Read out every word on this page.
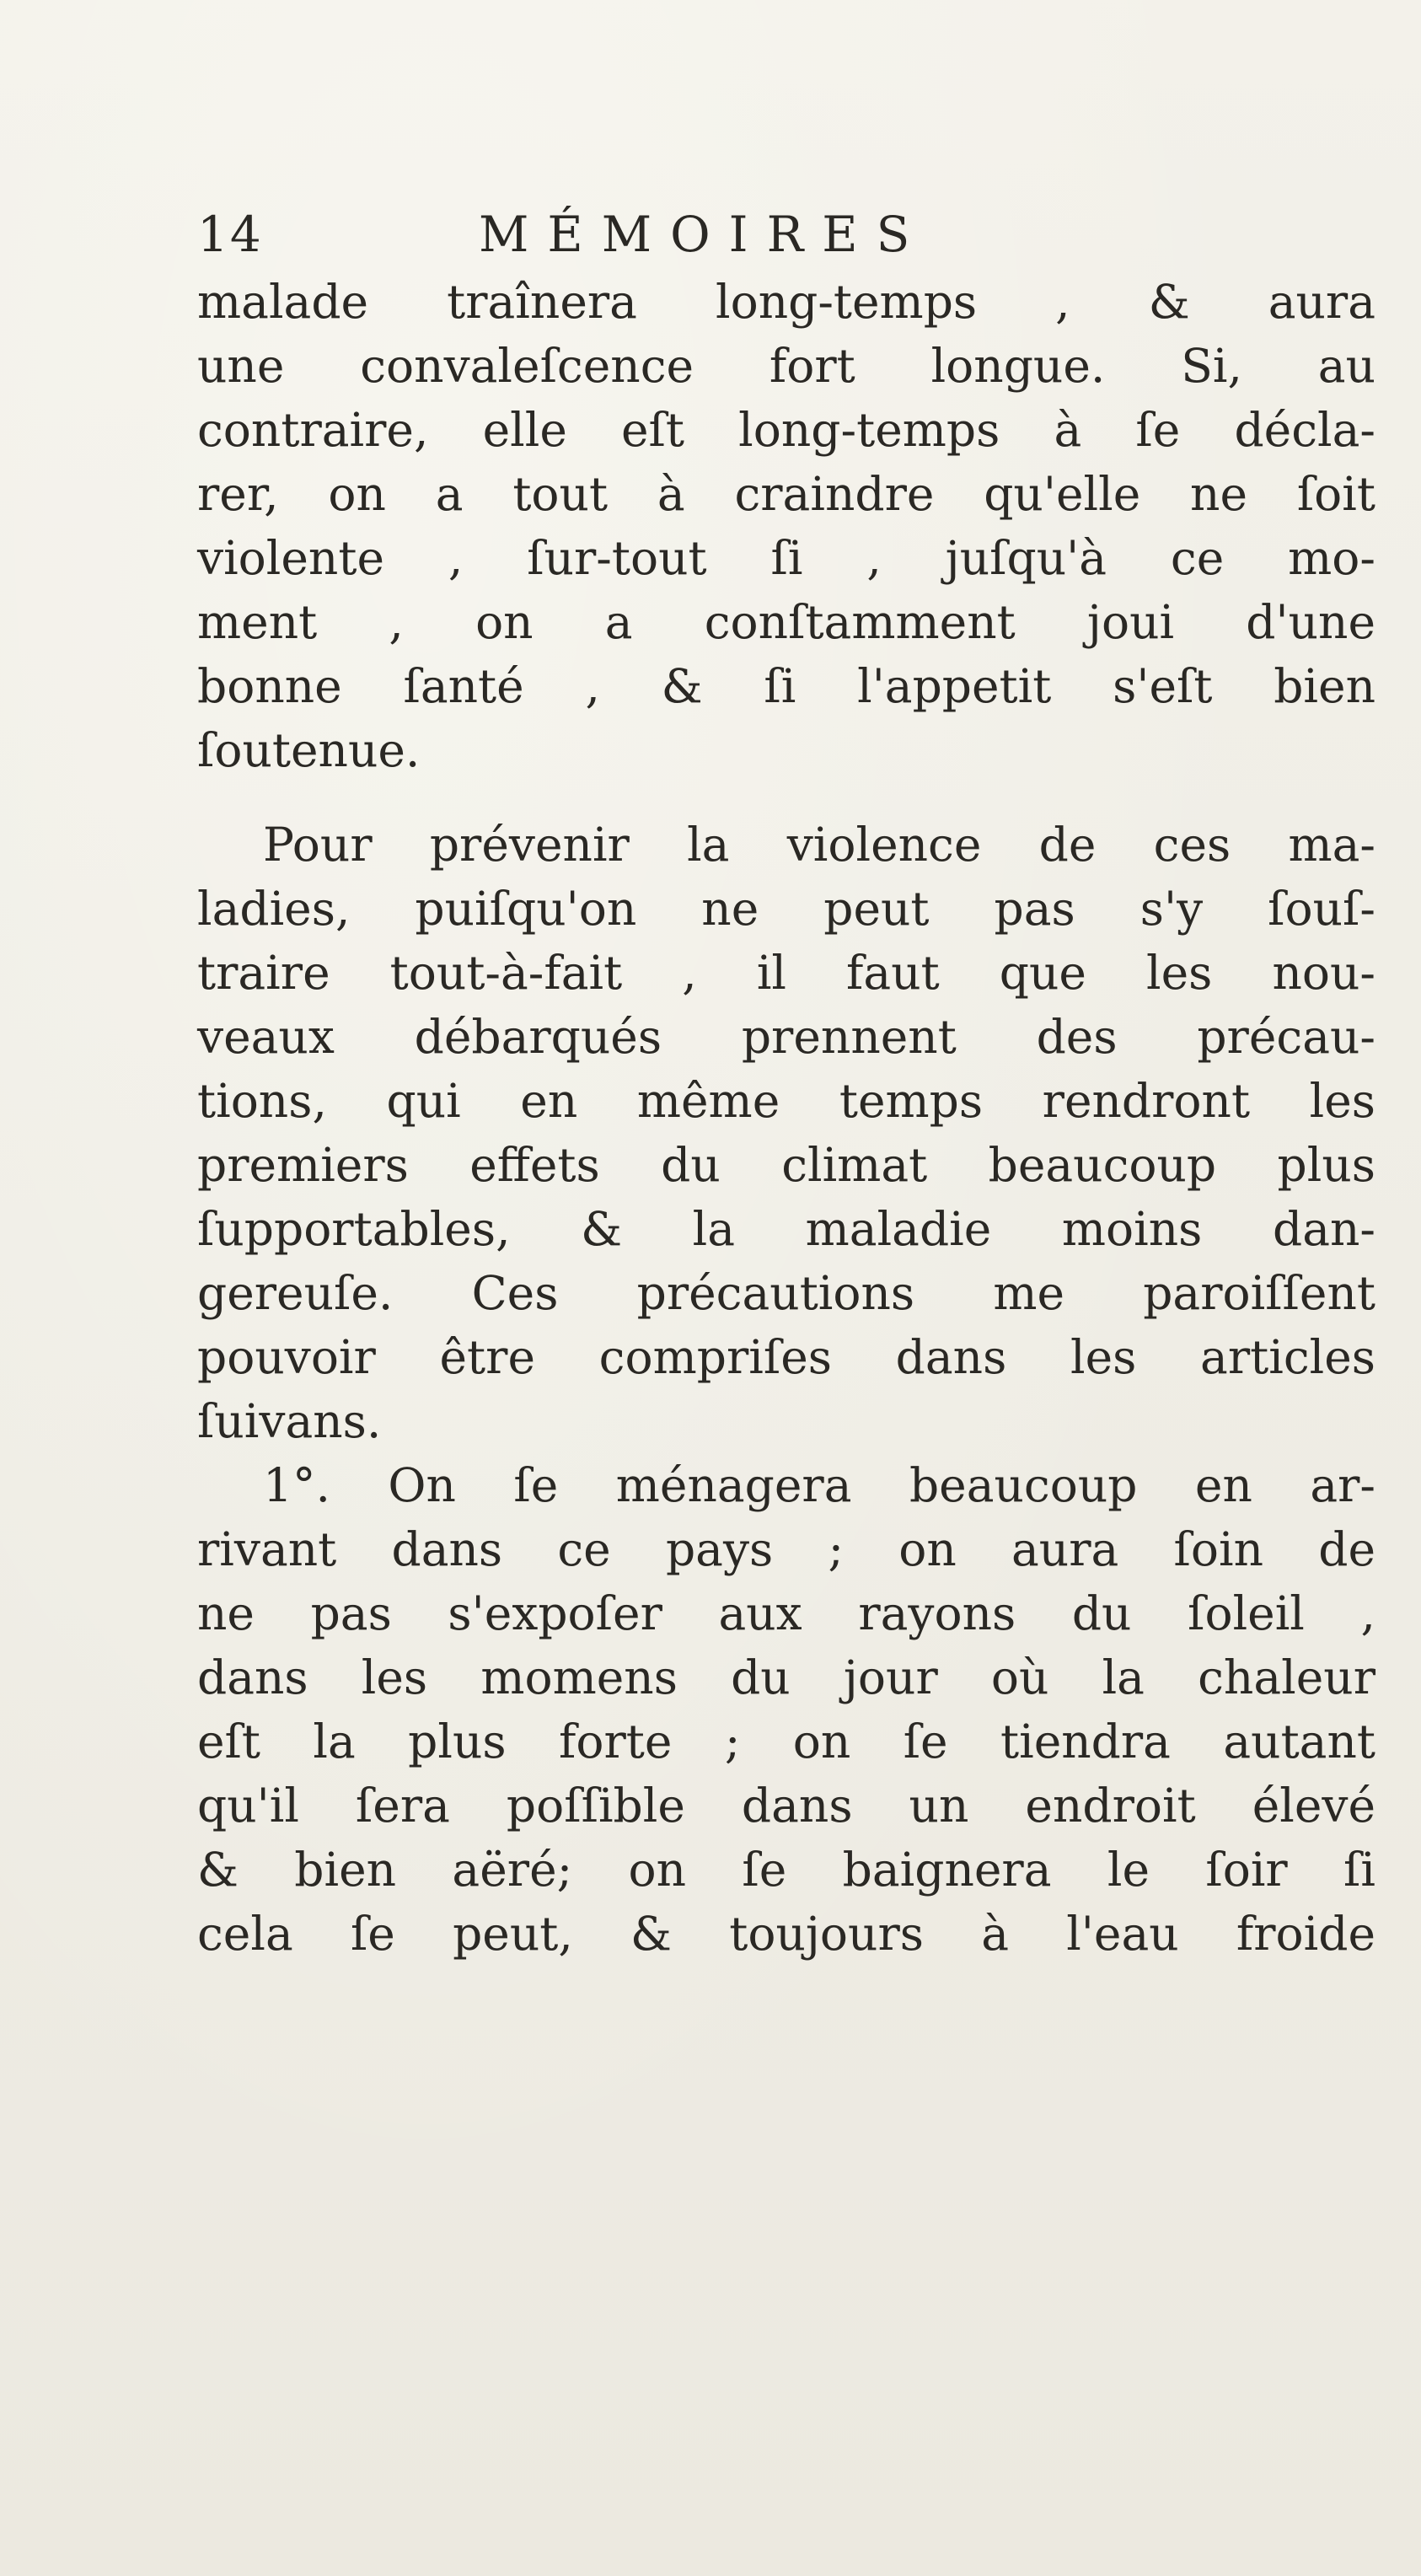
14	MÉMOIRES
malade traînera long-temps , & aura
une convaleſcence fort longue. Si, au
contraire, elle eſt long-temps à ſe décla-
rer, on a tout à craindre qu'elle ne ſoit
violente , ſur-tout ſi , juſqu'à ce mo-
ment , on a conſtamment joui d'une
bonne ſanté , & ſi l'appetit s'eſt bien
ſoutenue.
Pour prévenir la violence de ces ma-
ladies, puiſqu'on ne peut pas s'y ſouſ-
traire tout-à-fait , il faut que les nou-
veaux débarqués prennent des précau-
tions, qui en même temps rendront les
premiers effets du climat beaucoup plus
ſupportables, & la maladie moins dan-
gereuſe. Ces précautions me paroiſſent
pouvoir être compriſes dans les articles
ſuivans.
1°. On ſe ménagera beaucoup en ar-
rivant dans ce pays ; on aura ſoin de
ne pas s'expoſer aux rayons du ſoleil ,
dans les momens du jour où la chaleur
eſt la plus forte ; on ſe tiendra autant
qu'il ſera poſſible dans un endroit élevé
& bien aëré; on ſe baignera le ſoir ſi
cela ſe peut, & toujours à l'eau froide
